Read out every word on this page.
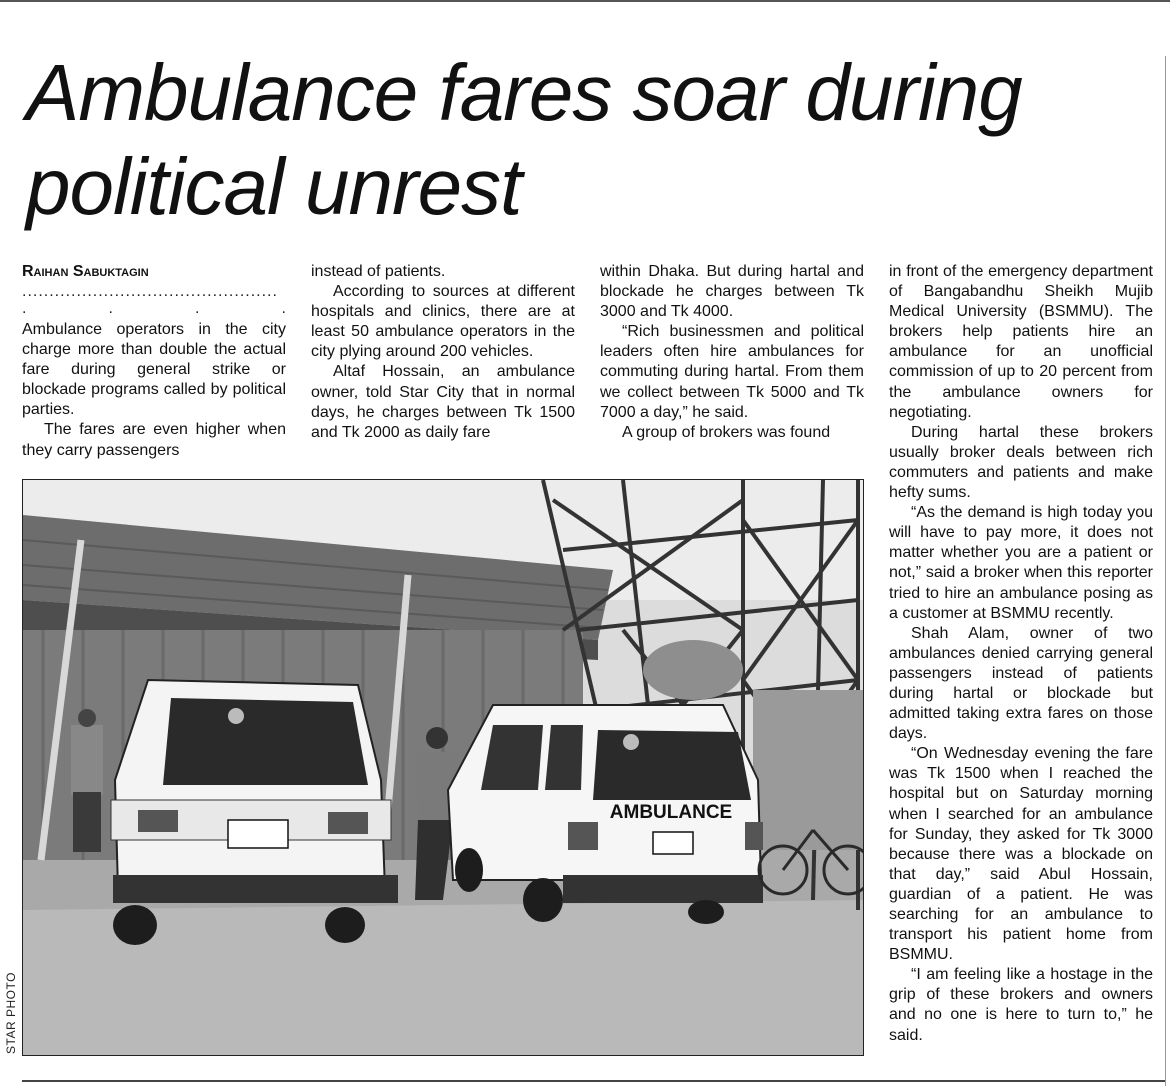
Ambulance fares soar during political unrest

Raihan Sabuktagin

...............................................

.	.	.	.

Ambulance operators in the city charge more than double the actual fare during general strike or blockade programs called by political parties.

The fares are even higher when they carry passengers

instead of patients.

According to sources at different hospitals and clinics, there are at least 50 ambulance operators in the city plying around 200 vehicles.

Altaf Hossain, an ambulance owner, told Star City that in normal days, he charges between Tk 1500 and Tk 2000 as daily fare

within Dhaka. But during hartal and blockade he charges between Tk 3000 and Tk 4000.

“Rich businessmen and political leaders often hire ambulances for commuting during hartal. From them we collect between Tk 5000 and Tk 7000 a day,” he said.

A group of brokers was found

in front of the emergency department of Bangabandhu Sheikh Mujib Medical University (BSMMU). The brokers help patients hire an ambulance for an unofficial commission of up to 20 percent from the ambulance owners for negotiating.

During hartal these brokers usually broker deals between rich commuters and patients and make hefty sums.

“As the demand is high today you will have to pay more, it does not matter whether you are a patient or not,” said a broker when this reporter tried to hire an ambulance posing as a customer at BSMMU recently.

Shah Alam, owner of two ambulances denied carrying general passengers instead of patients during hartal or blockade but admitted taking extra fares on those days.

“On Wednesday evening the fare was Tk 1500 when I reached the hospital but on Saturday morning when I searched for an ambulance for Sunday, they asked for Tk 3000 because there was a blockade on that day,” said Abul Hossain, guardian of a patient. He was searching for an ambulance to transport his patient home from BSMMU.

“I am feeling like a hostage in the grip of these brokers and owners and no one is here to turn to,” he said.

AMBULANCE
STAR PHOTO
